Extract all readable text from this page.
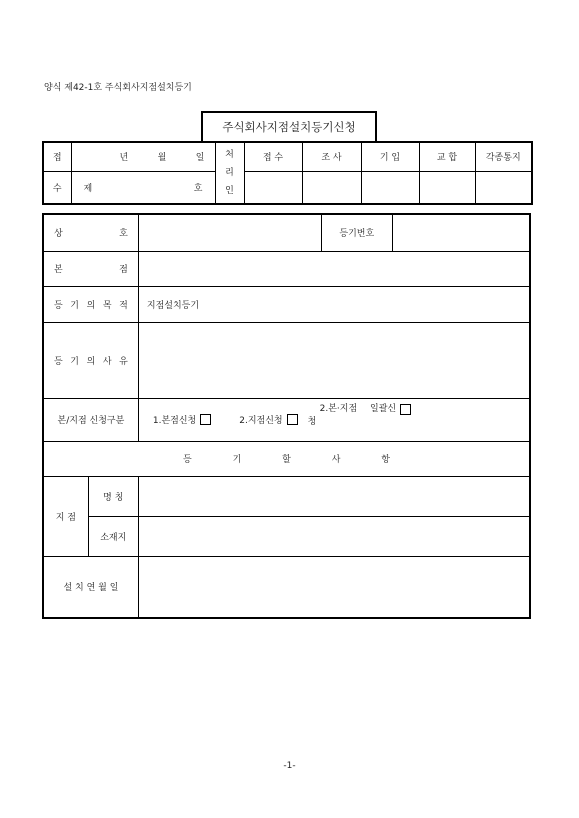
양식 제42-1호 주식회사지점설치등기
주식회사지점설치등기신청
접	년 월 일	처 리 인	접 수	조 사	기 입	교 합	각종통지
수	제 호						

상 호			등기번호	
본 점				
등 기 의 목 적		지점설치등기		
등 기 의 사 유				
본/지점 신청구분		1.본점신청 2.지점신청
2.본·지점 일괄신
청		

등 기 할 사 항				
지 점	명 칭			
	소재지			
설 치 연 월 일				
-1-
